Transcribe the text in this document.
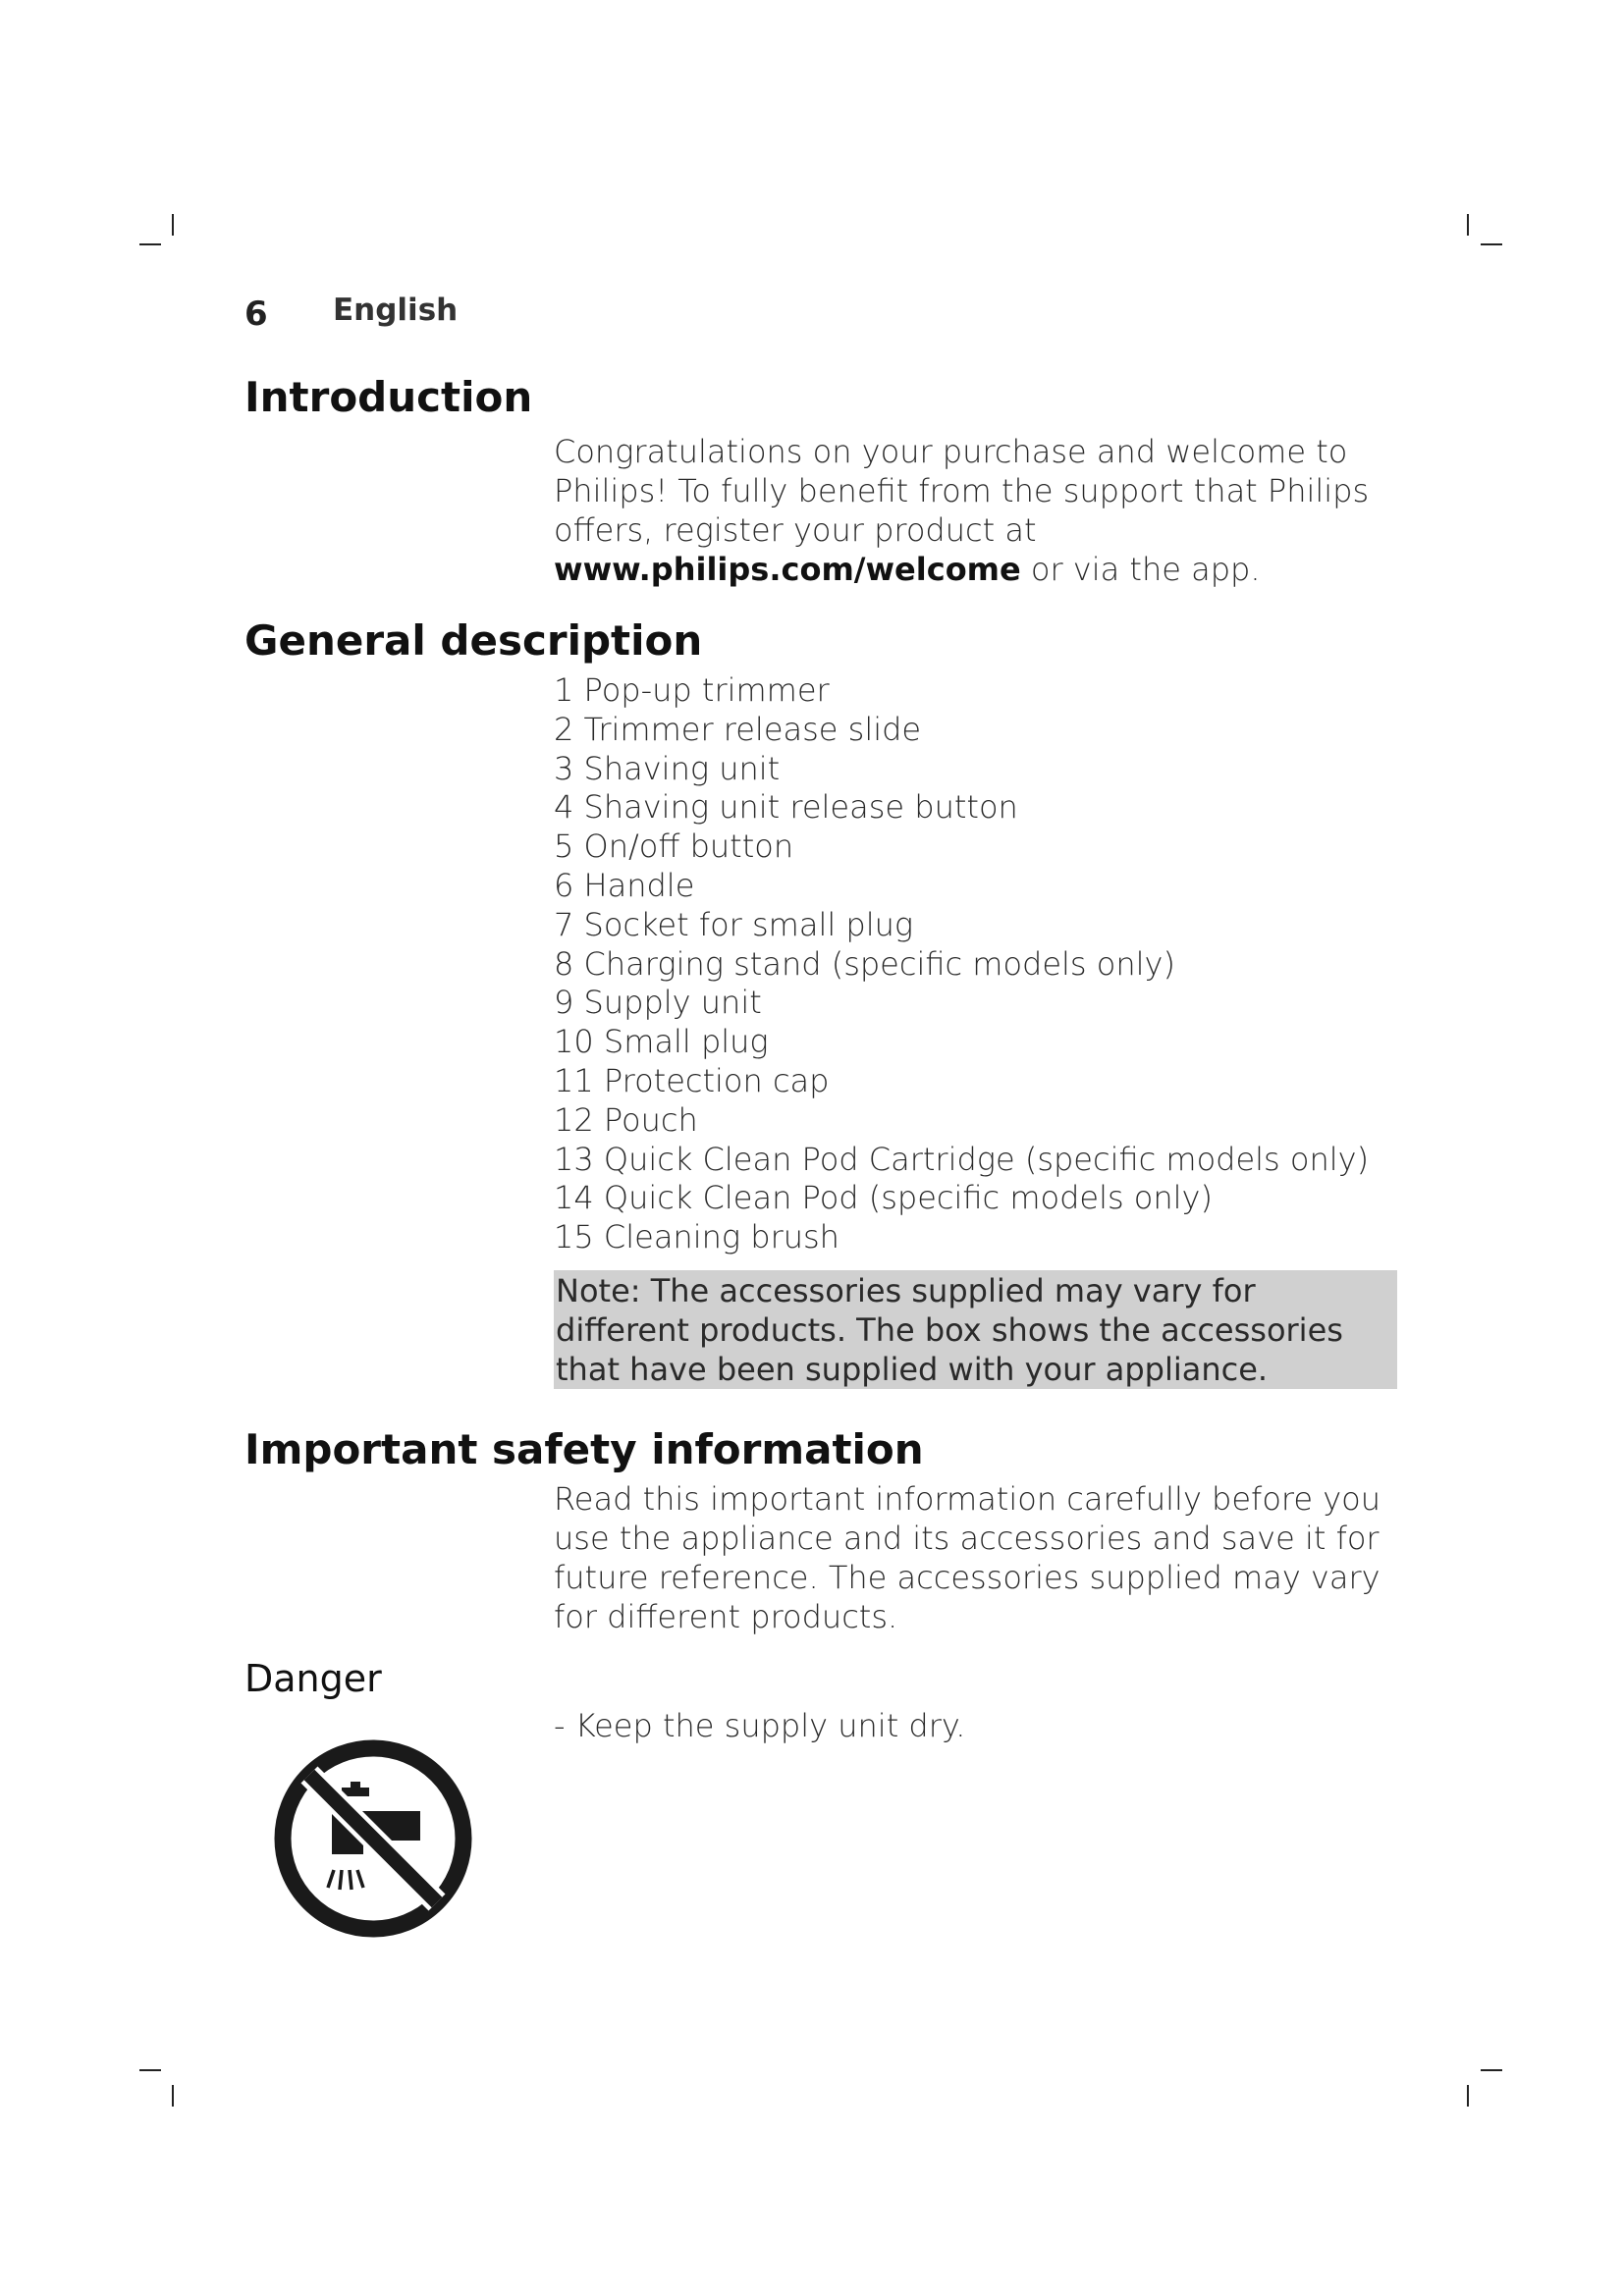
6 English
Introduction

Congratulations on your purchase and welcome to Philips! To fully benefit from the support that Philips offers, register your product at
www.philips.com/welcome or via the app.

General description
1 Pop-up trimmer
2 Trimmer release slide
3 Shaving unit
4 Shaving unit release button
5 On/off button
6 Handle
7 Socket for small plug
8 Charging stand (specific models only)
9 Supply unit
10 Small plug
11 Protection cap
12 Pouch
13 Quick Clean Pod Cartridge (specific models only)
14 Quick Clean Pod (specific models only)
15 Cleaning brush
Note: The accessories supplied may vary for different products. The box shows the accessories that have been supplied with your appliance.
Important safety information

Read this important information carefully before you use the appliance and its accessories and save it for future reference. The accessories supplied may vary for different products.

Danger

- Keep the supply unit dry.
